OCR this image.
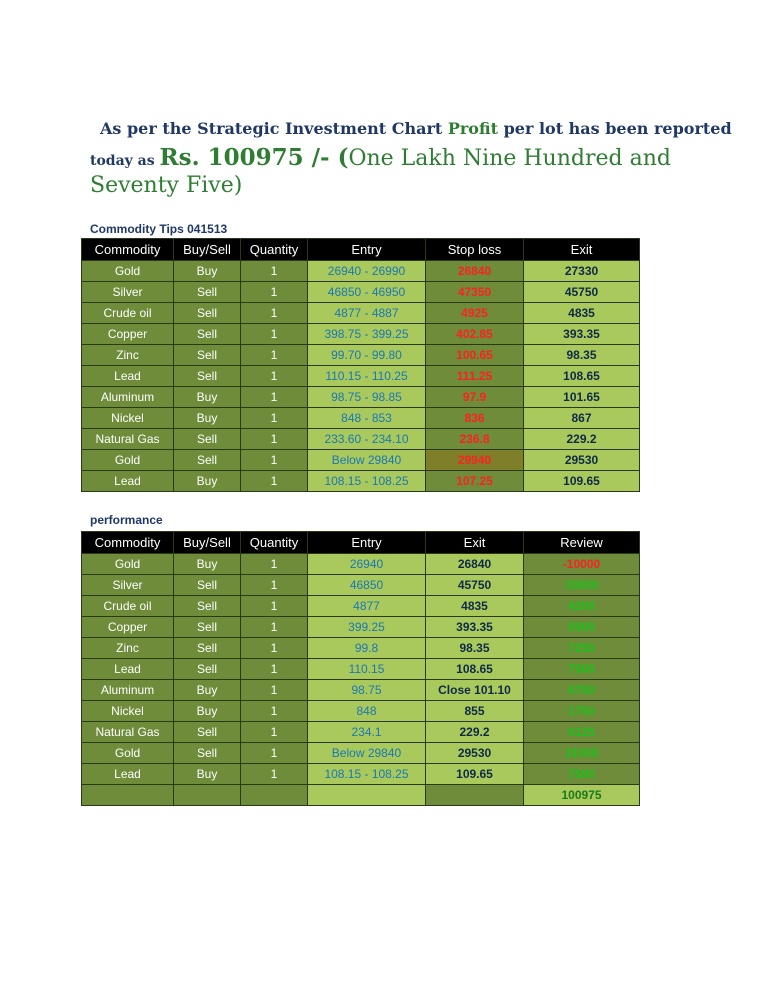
As per the Strategic Investment Chart Profit per lot has been reported
today as Rs. 100975 /- (One Lakh Nine Hundred and
Seventy Five)
Commodity Tips 041513
Commodity	Buy/Sell	Quantity	Entry	Stop loss	Exit
Gold	Buy	1	26940 - 26990	26840	27330
Silver	Sell	1	46850 - 46950	47350	45750
Crude oil	Sell	1	4877 - 4887	4925	4835
Copper	Sell	1	398.75 - 399.25	402.85	393.35
Zinc	Sell	1	99.70 - 99.80	100.65	98.35
Lead	Sell	1	110.15 - 110.25	111.25	108.65
Aluminum	Buy	1	98.75 - 98.85	97.9	101.65
Nickel	Buy	1	848 - 853	836	867
Natural Gas	Sell	1	233.60 - 234.10	236.8	229.2
Gold	Sell	1	Below 29840	29940	29530
Lead	Buy	1	108.15 - 108.25	107.25	109.65
performance
Commodity	Buy/Sell	Quantity	Entry	Exit	Review
Gold	Buy	1	26940	26840	-10000
Silver	Sell	1	46850	45750	33000
Crude oil	Sell	1	4877	4835	4200
Copper	Sell	1	399.25	393.35	5900
Zinc	Sell	1	99.8	98.35	7250
Lead	Sell	1	110.15	108.65	7500
Aluminum	Buy	1	98.75	Close 101.10	6750
Nickel	Buy	1	848	855	1750
Natural Gas	Sell	1	234.1	229.2	6125
Gold	Sell	1	Below 29840	29530	31000
Lead	Buy	1	108.15 - 108.25	109.65	7500
					100975
